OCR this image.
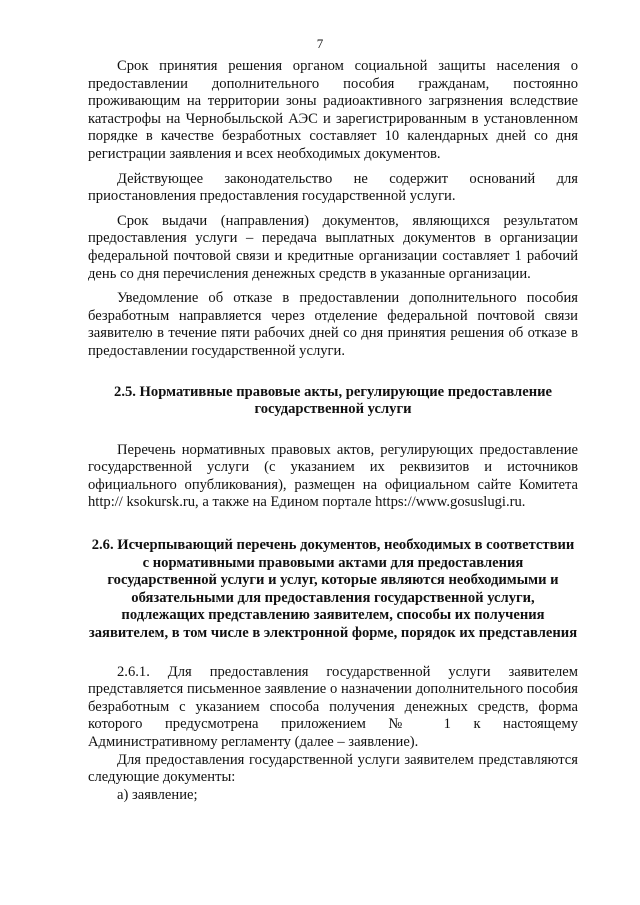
7

Срок принятия решения органом социальной защиты населения о предоставлении дополнительного пособия гражданам, постоянно проживающим на территории зоны радиоактивного загрязнения вследствие катастрофы на Чернобыльской АЭС и зарегистрированным в установленном порядке в качестве безработных составляет 10 календарных дней со дня регистрации заявления и всех необходимых документов.

Действующее законодательство не содержит оснований для приостановления предоставления государственной услуги.

Срок выдачи (направления) документов, являющихся результатом предоставления услуги – передача выплатных документов в организации федеральной почтовой связи и кредитные организации составляет 1 рабочий день со дня перечисления денежных средств в указанные организации.

Уведомление об отказе в предоставлении дополнительного пособия безработным направляется через отделение федеральной почтовой связи заявителю в течение пяти рабочих дней со дня принятия решения об отказе в предоставлении государственной услуги.

2.5. Нормативные правовые акты, регулирующие предоставление государственной услуги

Перечень нормативных правовых актов, регулирующих предоставление государственной услуги (с указанием их реквизитов и источников официального опубликования), размещен на официальном сайте Комитета http:// ksokursk.ru, а также на Едином портале https://www.gosuslugi.ru.

2.6. Исчерпывающий перечень документов, необходимых в соответствии с нормативными правовыми актами для предоставления государственной услуги и услуг, которые являются необходимыми и обязательными для предоставления государственной услуги, подлежащих представлению заявителем, способы их получения заявителем, в том числе в электронной форме, порядок их представления

2.6.1. Для предоставления государственной услуги заявителем представляется письменное заявление о назначении дополнительного пособия безработным с указанием способа получения денежных средств, форма которого предусмотрена приложением № 1 к настоящему Административному регламенту (далее – заявление).

Для предоставления государственной услуги заявителем представляются следующие документы:

а) заявление;
